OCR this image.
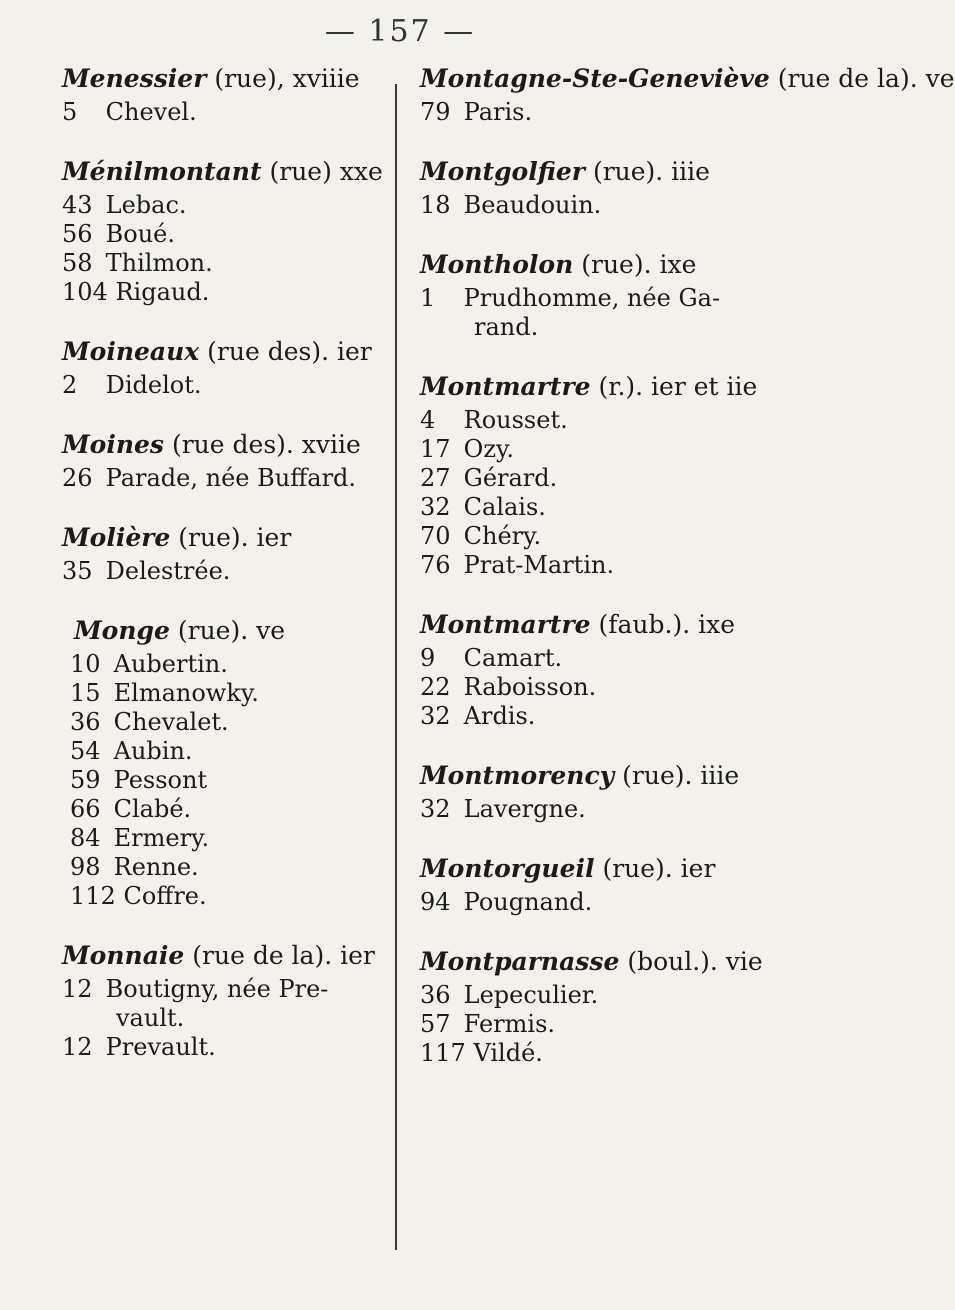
— 157 —
Menessier (rue), xviiie
5 Chevel.
Ménilmontant (rue) xxe
43 Lebac.
56 Boué.
58 Thilmon.
104 Rigaud.
Moineaux (rue des). ier
2 Didelot.
Moines (rue des). xviie
26 Parade, née Buffard.
Molière (rue). ier
35 Delestrée.
Monge (rue). ve
10 Aubertin.
15 Elmanowky.
36 Chevalet.
54 Aubin.
59 Pessont
66 Clabé.
84 Ermery.
98 Renne.
112 Coffre.
Monnaie (rue de la). ier
12 Boutigny, née Pre-
vault.
12 Prevault.
Montagne-Ste-Geneviève (rue de la). ve
79 Paris.
Montgolfier (rue). iiie
18 Beaudouin.
Montholon (rue). ixe
1 Prudhomme, née Ga-
rand.
Montmartre (r.). ier et iie
4 Rousset.
17 Ozy.
27 Gérard.
32 Calais.
70 Chéry.
76 Prat-Martin.
Montmartre (faub.). ixe
9 Camart.
22 Raboisson.
32 Ardis.
Montmorency (rue). iiie
32 Lavergne.
Montorgueil (rue). ier
94 Pougnand.
Montparnasse (boul.). vie
36 Lepeculier.
57 Fermis.
117 Vildé.
